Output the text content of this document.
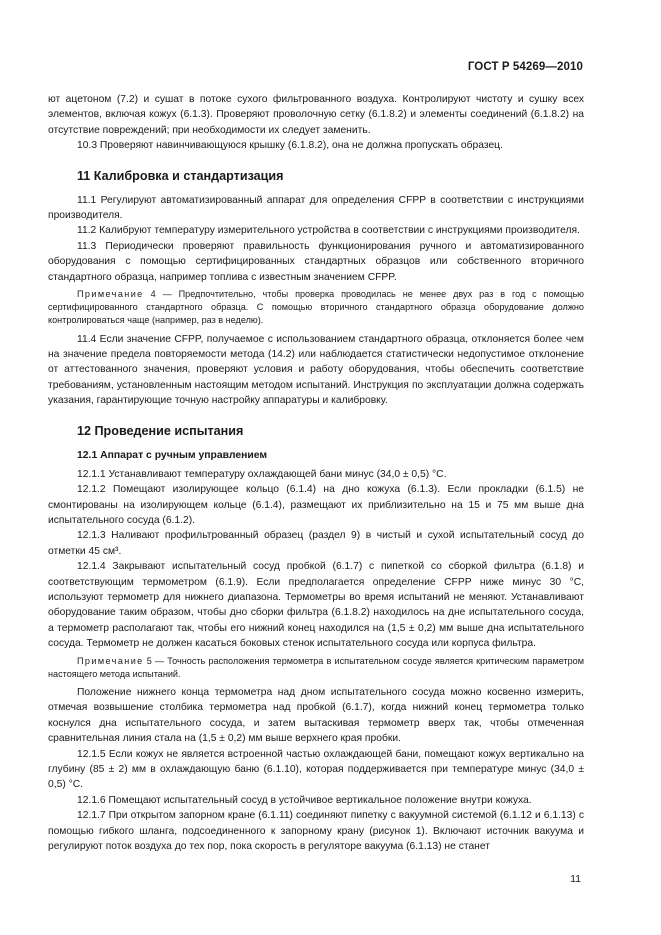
ГОСТ Р 54269—2010

ют ацетоном (7.2) и сушат в потоке сухого фильтрованного воздуха. Контролируют чистоту и сушку всех элементов, включая кожух (6.1.3). Проверяют проволочную сетку (6.1.8.2) и элементы соединений (6.1.8.2) на отсутствие повреждений; при необходимости их следует заменить.

10.3 Проверяют навинчивающуюся крышку (6.1.8.2), она не должна пропускать образец.

11 Калибровка и стандартизация

11.1 Регулируют автоматизированный аппарат для определения CFPP в соответствии с инструкциями производителя.

11.2 Калибруют температуру измерительного устройства в соответствии с инструкциями производителя.

11.3 Периодически проверяют правильность функционирования ручного и автоматизированного оборудования с помощью сертифицированных стандартных образцов или собственного вторичного стандартного образца, например топлива с известным значением CFPP.

Примечание 4 — Предпочтительно, чтобы проверка проводилась не менее двух раз в год с помощью сертифицированного стандартного образца. С помощью вторичного стандартного образца оборудование должно контролироваться чаще (например, раз в неделю).

11.4 Если значение CFPP, получаемое с использованием стандартного образца, отклоняется более чем на значение предела повторяемости метода (14.2) или наблюдается статистически недопустимое отклонение от аттестованного значения, проверяют условия и работу оборудования, чтобы обеспечить соответствие требованиям, установленным настоящим методом испытаний. Инструкция по эксплуатации должна содержать указания, гарантирующие точную настройку аппаратуры и калибровку.

12 Проведение испытания
12.1 Аппарат с ручным управлением

12.1.1 Устанавливают температуру охлаждающей бани минус (34,0 ± 0,5) °С.

12.1.2 Помещают изолирующее кольцо (6.1.4) на дно кожуха (6.1.3). Если прокладки (6.1.5) не смонтированы на изолирующем кольце (6.1.4), размещают их приблизительно на 15 и 75 мм выше дна испытательного сосуда (6.1.2).

12.1.3 Наливают профильтрованный образец (раздел 9) в чистый и сухой испытательный сосуд до отметки 45 см³.

12.1.4 Закрывают испытательный сосуд пробкой (6.1.7) с пипеткой со сборкой фильтра (6.1.8) и соответствующим термометром (6.1.9). Если предполагается определение CFPP ниже минус 30 °С, используют термометр для нижнего диапазона. Термометры во время испытаний не меняют. Устанавливают оборудование таким образом, чтобы дно сборки фильтра (6.1.8.2) находилось на дне испытательного сосуда, а термометр располагают так, чтобы его нижний конец находился на (1,5 ± 0,2) мм выше дна испытательного сосуда. Термометр не должен касаться боковых стенок испытательного сосуда или корпуса фильтра.

Примечание 5 — Точность расположения термометра в испытательном сосуде является критическим параметром настоящего метода испытаний.

Положение нижнего конца термометра над дном испытательного сосуда можно косвенно измерить, отмечая возвышение столбика термометра над пробкой (6.1.7), когда нижний конец термометра только коснулся дна испытательного сосуда, и затем вытаскивая термометр вверх так, чтобы отмеченная сравнительная линия стала на (1,5 ± 0,2) мм выше верхнего края пробки.

12.1.5 Если кожух не является встроенной частью охлаждающей бани, помещают кожух вертикально на глубину (85 ± 2) мм в охлаждающую баню (6.1.10), которая поддерживается при температуре минус (34,0 ± 0,5) °С.

12.1.6 Помещают испытательный сосуд в устойчивое вертикальное положение внутри кожуха.

12.1.7 При открытом запорном кране (6.1.11) соединяют пипетку с вакуумной системой (6.1.12 и 6.1.13) с помощью гибкого шланга, подсоединенного к запорному крану (рисунок 1). Включают источник вакуума и регулируют поток воздуха до тех пор, пока скорость в регуляторе вакуума (6.1.13) не станет

11
